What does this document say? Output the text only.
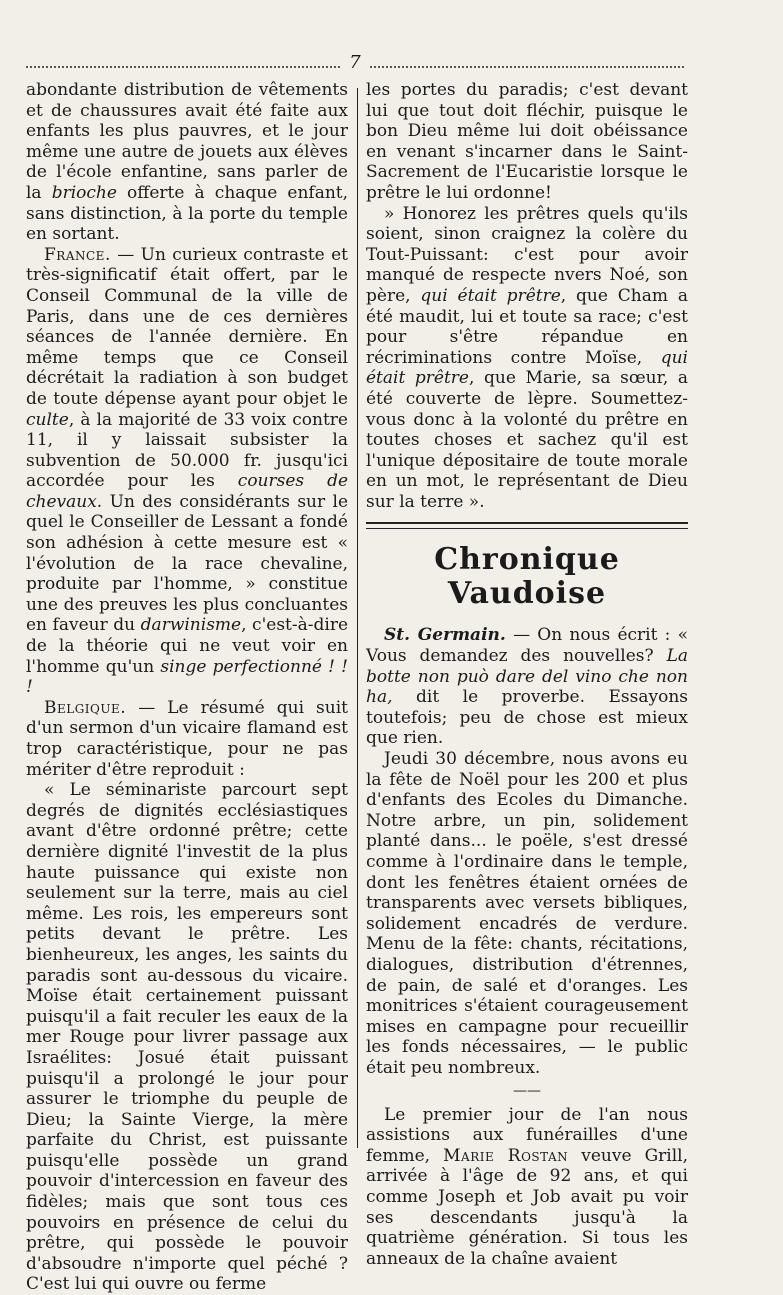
7

abondante distribution de vêtements et de chaussures avait été faite aux enfants les plus pauvres, et le jour même une autre de jouets aux élèves de l'école enfantine, sans parler de la brioche offerte à chaque enfant, sans distinction, à la porte du temple en sortant.

France. — Un curieux contraste et très-significatif était offert, par le Conseil Communal de la ville de Paris, dans une de ces dernières séances de l'année dernière. En même temps que ce Conseil décrétait la radiation à son budget de toute dépense ayant pour objet le culte, à la majorité de 33 voix contre 11, il y laissait subsister la subvention de 50.000 fr. jusqu'ici accordée pour les courses de chevaux. Un des considérants sur le quel le Conseiller de Lessant a fondé son adhésion à cette mesure est « l'évolution de la race chevaline, produite par l'homme, » constitue une des preuves les plus concluantes en faveur du darwinisme, c'est-à-dire de la théorie qui ne veut voir en l'homme qu'un singe perfectionné ! ! !

Belgique. — Le résumé qui suit d'un sermon d'un vicaire flamand est trop caractéristique, pour ne pas mériter d'être reproduit :

« Le séminariste parcourt sept degrés de dignités ecclésiastiques avant d'être ordonné prêtre; cette dernière dignité l'investit de la plus haute puissance qui existe non seulement sur la terre, mais au ciel même. Les rois, les empereurs sont petits devant le prêtre. Les bienheureux, les anges, les saints du paradis sont au-dessous du vicaire. Moïse était certainement puissant puisqu'il a fait reculer les eaux de la mer Rouge pour livrer passage aux Israélites: Josué était puissant puisqu'il a prolongé le jour pour assurer le triomphe du peuple de Dieu; la Sainte Vierge, la mère parfaite du Christ, est puissante puisqu'elle possède un grand pouvoir d'intercession en faveur des fidèles; mais que sont tous ces pouvoirs en présence de celui du prêtre, qui possède le pouvoir d'absoudre n'importe quel péché ? C'est lui qui ouvre ou ferme

les portes du paradis; c'est devant lui que tout doit fléchir, puisque le bon Dieu même lui doit obéissance en venant s'incarner dans le Saint-Sacrement de l'Eucaristie lorsque le prêtre le lui ordonne!

» Honorez les prêtres quels qu'ils soient, sinon craignez la colère du Tout-Puissant: c'est pour avoir manqué de respecte nvers Noé, son père, qui était prêtre, que Cham a été maudit, lui et toute sa race; c'est pour s'être répandue en récriminations contre Moïse, qui était prêtre, que Marie, sa sœur, a été couverte de lèpre. Soumettez-vous donc à la volonté du prêtre en toutes choses et sachez qu'il est l'unique dépositaire de toute morale en un mot, le représentant de Dieu sur la terre ».

Chronique Vaudoise

St. Germain. — On nous écrit : « Vous demandez des nouvelles? La botte non può dare del vino che non ha, dit le proverbe. Essayons toutefois; peu de chose est mieux que rien.

Jeudi 30 décembre, nous avons eu la fête de Noël pour les 200 et plus d'enfants des Ecoles du Dimanche. Notre arbre, un pin, solidement planté dans... le poële, s'est dressé comme à l'ordinaire dans le temple, dont les fenêtres étaient ornées de transparents avec versets bibliques, solidement encadrés de verdure. Menu de la fête: chants, récitations, dialogues, distribution d'étrennes, de pain, de salé et d'oranges. Les monitrices s'étaient courageusement mises en campagne pour recueillir les fonds nécessaires, — le public était peu nombreux.

——

Le premier jour de l'an nous assistions aux funérailles d'une femme, Marie Rostan veuve Grill, arrivée à l'âge de 92 ans, et qui comme Joseph et Job avait pu voir ses descendants jusqu'à la quatrième génération. Si tous les anneaux de la chaîne avaient
